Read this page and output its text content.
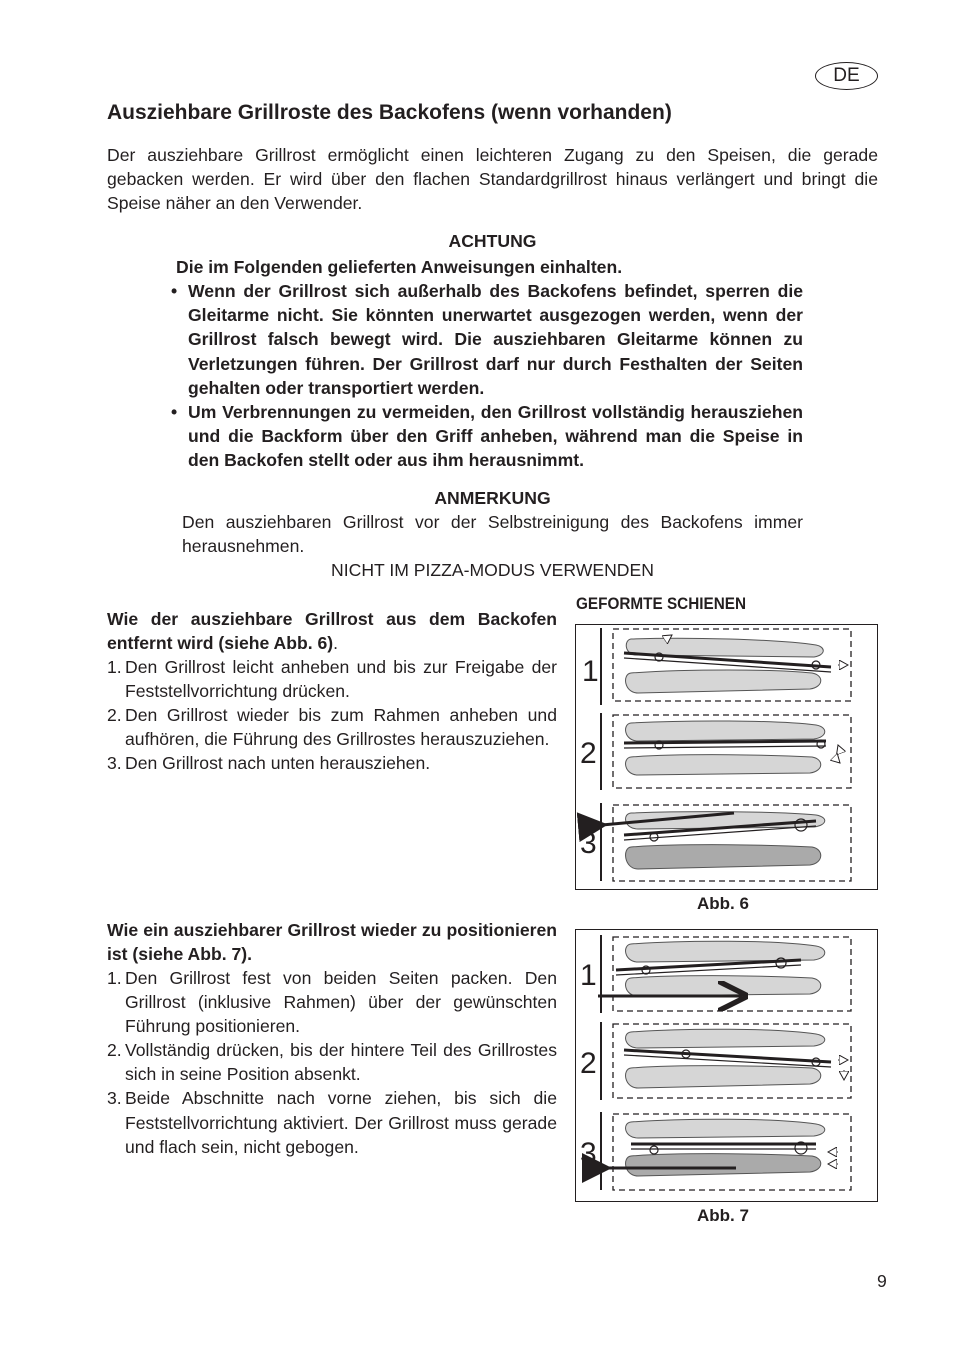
DE
Ausziehbare Grillroste des Backofens (wenn vorhanden)

Der ausziehbare Grillrost ermöglicht einen leichteren Zugang zu den Speisen, die gerade gebacken werden. Er wird über den flachen Standardgrillrost hinaus verlängert und bringt die Speise näher an den Verwender.

ACHTUNG

Die im Folgenden gelieferten Anweisungen einhalten.

• Wenn der Grillrost sich außerhalb des Backofens befindet, sperren die Gleitarme nicht. Sie könnten unerwartet ausgezogen werden, wenn der Grillrost falsch bewegt wird. Die ausziehbaren Gleitarme können zu Verletzungen führen. Der Grillrost darf nur durch Festhalten der Seiten gehalten oder transportiert werden.
• Um Verbrennungen zu vermeiden, den Grillrost vollständig herausziehen und die Backform über den Griff anheben, während man die Speise in den Backofen stellt oder aus ihm herausnimmt.

ANMERKUNG

Den ausziehbaren Grillrost vor der Selbstreinigung des Backofens immer herausnehmen.

NICHT IM PIZZA-MODUS VERWENDEN

Wie der ausziehbare Grillrost aus dem Backofen entfernt wird (siehe Abb. 6).

1. Den Grillrost leicht anheben und bis zur Freigabe der Feststellvorrichtung drücken.
2. Den Grillrost wieder bis zum Rahmen anheben und aufhören, die Führung des Grillrostes herauszuziehen.
3. Den Grillrost nach unten herausziehen.

Wie ein ausziehbarer Grillrost wieder zu positionieren ist (siehe Abb. 7).

1. Den Grillrost fest von beiden Seiten packen. Den Grillrost (inklusive Rahmen) über der gewünschten Führung positionieren.
2. Vollständig drücken, bis der hintere Teil des Grillrostes sich in seine Position absenkt.
3. Beide Abschnitte nach vorne ziehen, bis sich die Feststellvorrichtung aktiviert. Der Grillrost muss gerade und flach sein, nicht gebogen.

GEFORMTE SCHIENEN

1
2
3

Abb. 6

1
2
3

Abb. 7

9
